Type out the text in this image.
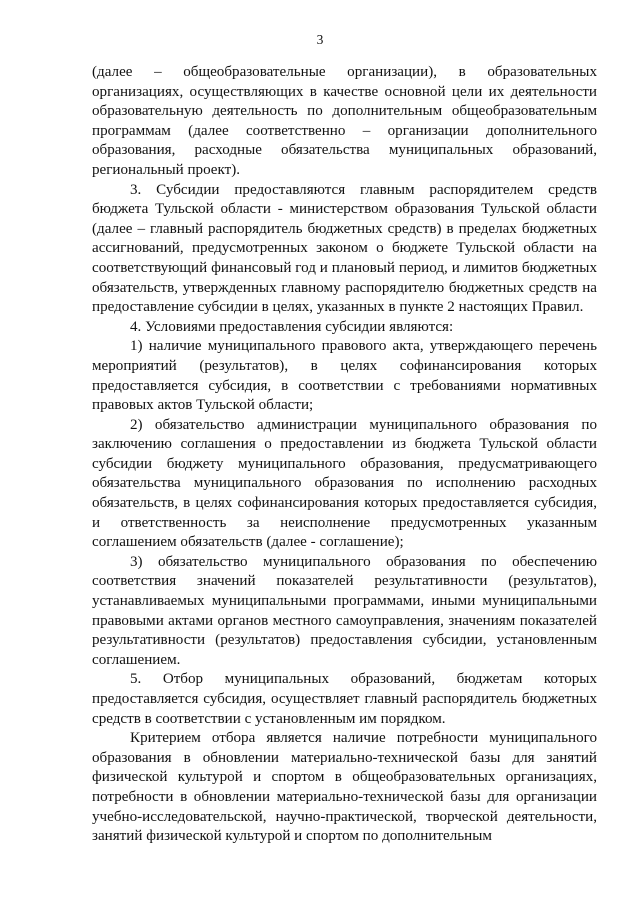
3

(далее – общеобразовательные организации), в образовательных организациях, осуществляющих в качестве основной цели их деятельности образовательную деятельность по дополнительным общеобразовательным программам (далее соответственно – организации дополнительного образования, расходные обязательства муниципальных образований, региональный проект).

3. Субсидии предоставляются главным распорядителем средств бюджета Тульской области - министерством образования Тульской области (далее – главный распорядитель бюджетных средств) в пределах бюджетных ассигнований, предусмотренных законом о бюджете Тульской области на соответствующий финансовый год и плановый период, и лимитов бюджетных обязательств, утвержденных главному распорядителю бюджетных средств на предоставление субсидии в целях, указанных в пункте 2 настоящих Правил.

4. Условиями предоставления субсидии являются:

1) наличие муниципального правового акта, утверждающего перечень мероприятий (результатов), в целях софинансирования которых предоставляется субсидия, в соответствии с требованиями нормативных правовых актов Тульской области;

2) обязательство администрации муниципального образования по заключению соглашения о предоставлении из бюджета Тульской области субсидии бюджету муниципального образования, предусматривающего обязательства муниципального образования по исполнению расходных обязательств, в целях софинансирования которых предоставляется субсидия, и ответственность за неисполнение предусмотренных указанным соглашением обязательств (далее - соглашение);

3) обязательство муниципального образования по обеспечению соответствия значений показателей результативности (результатов), устанавливаемых муниципальными программами, иными муниципальными правовыми актами органов местного самоуправления, значениям показателей результативности (результатов) предоставления субсидии, установленным соглашением.

5. Отбор муниципальных образований, бюджетам которых предоставляется субсидия, осуществляет главный распорядитель бюджетных средств в соответствии с установленным им порядком.

Критерием отбора является наличие потребности муниципального образования в обновлении материально-технической базы для занятий физической культурой и спортом в общеобразовательных организациях, потребности в обновлении материально-технической базы для организации учебно-исследовательской, научно-практической, творческой деятельности, занятий физической культурой и спортом по дополнительным
